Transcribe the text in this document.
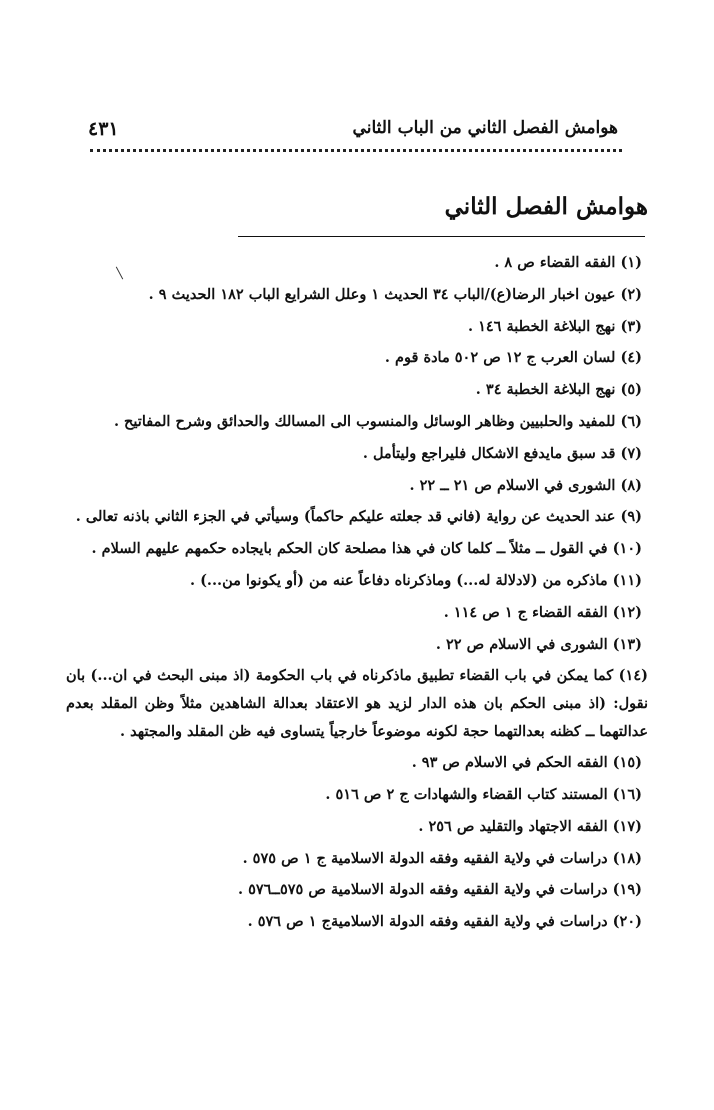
هوامش الفصل الثاني من الباب الثاني
٤٣١
هوامش الفصل الثاني
(١) الفقه القضاء ص ٨ .
(٢) عيون اخبار الرضا(ع)/الباب ٣٤ الحديث ١ وعلل الشرايع الباب ١٨٢ الحديث ٩ .
(٣) نهج البلاغة الخطبة ١٤٦ .
(٤) لسان العرب ج ١٢ ص ٥٠٢ مادة قوم .
(٥) نهج البلاغة الخطبة ٣٤ .
(٦) للمفيد والحلبيين وظاهر الوسائل والمنسوب الى المسالك والحدائق وشرح المفاتيح .
(٧) قد سبق مايدفع الاشكال فليراجع وليتأمل .
(٨) الشورى في الاسلام ص ٢١ ــ ٢٢ .
(٩) عند الحديث عن رواية (فاني قد جعلته عليكم حاكماً) وسيأتي في الجزء الثاني باذنه تعالى .
(١٠) في القول ــ مثلاً ــ كلما كان في هذا مصلحة كان الحكم بايجاده حكمهم عليهم السلام .
(١١) ماذكره من (لادلالة له...) وماذكرناه دفاعاً عنه من (أو يكونوا من...) .
(١٢) الفقه القضاء ج ١ ص ١١٤ .
(١٣) الشورى في الاسلام ص ٢٢ .
(١٤) كما يمكن في باب القضاء تطبيق ماذكرناه في باب الحكومة (اذ مبنى البحث في ان...) بان نقول: (اذ مبنى الحكم بان هذه الدار لزيد هو الاعتقاد بعدالة الشاهدين مثلاً وظن المقلد بعدم عدالتهما ــ كظنه بعدالتهما حجة لكونه موضوعاً خارجياً يتساوى فيه ظن المقلد والمجتهد .
(١٥) الفقه الحكم في الاسلام ص ٩٣ .
(١٦) المستند كتاب القضاء والشهادات ج ٢ ص ٥١٦ .
(١٧) الفقه الاجتهاد والتقليد ص ٢٥٦ .
(١٨) دراسات في ولاية الفقيه وفقه الدولة الاسلامية ج ١ ص ٥٧٥ .
(١٩) دراسات في ولاية الفقيه وفقه الدولة الاسلامية ص ٥٧٥ــ٥٧٦ .
(٢٠) دراسات في ولاية الفقيه وفقه الدولة الاسلاميةج ١ ص ٥٧٦ .
